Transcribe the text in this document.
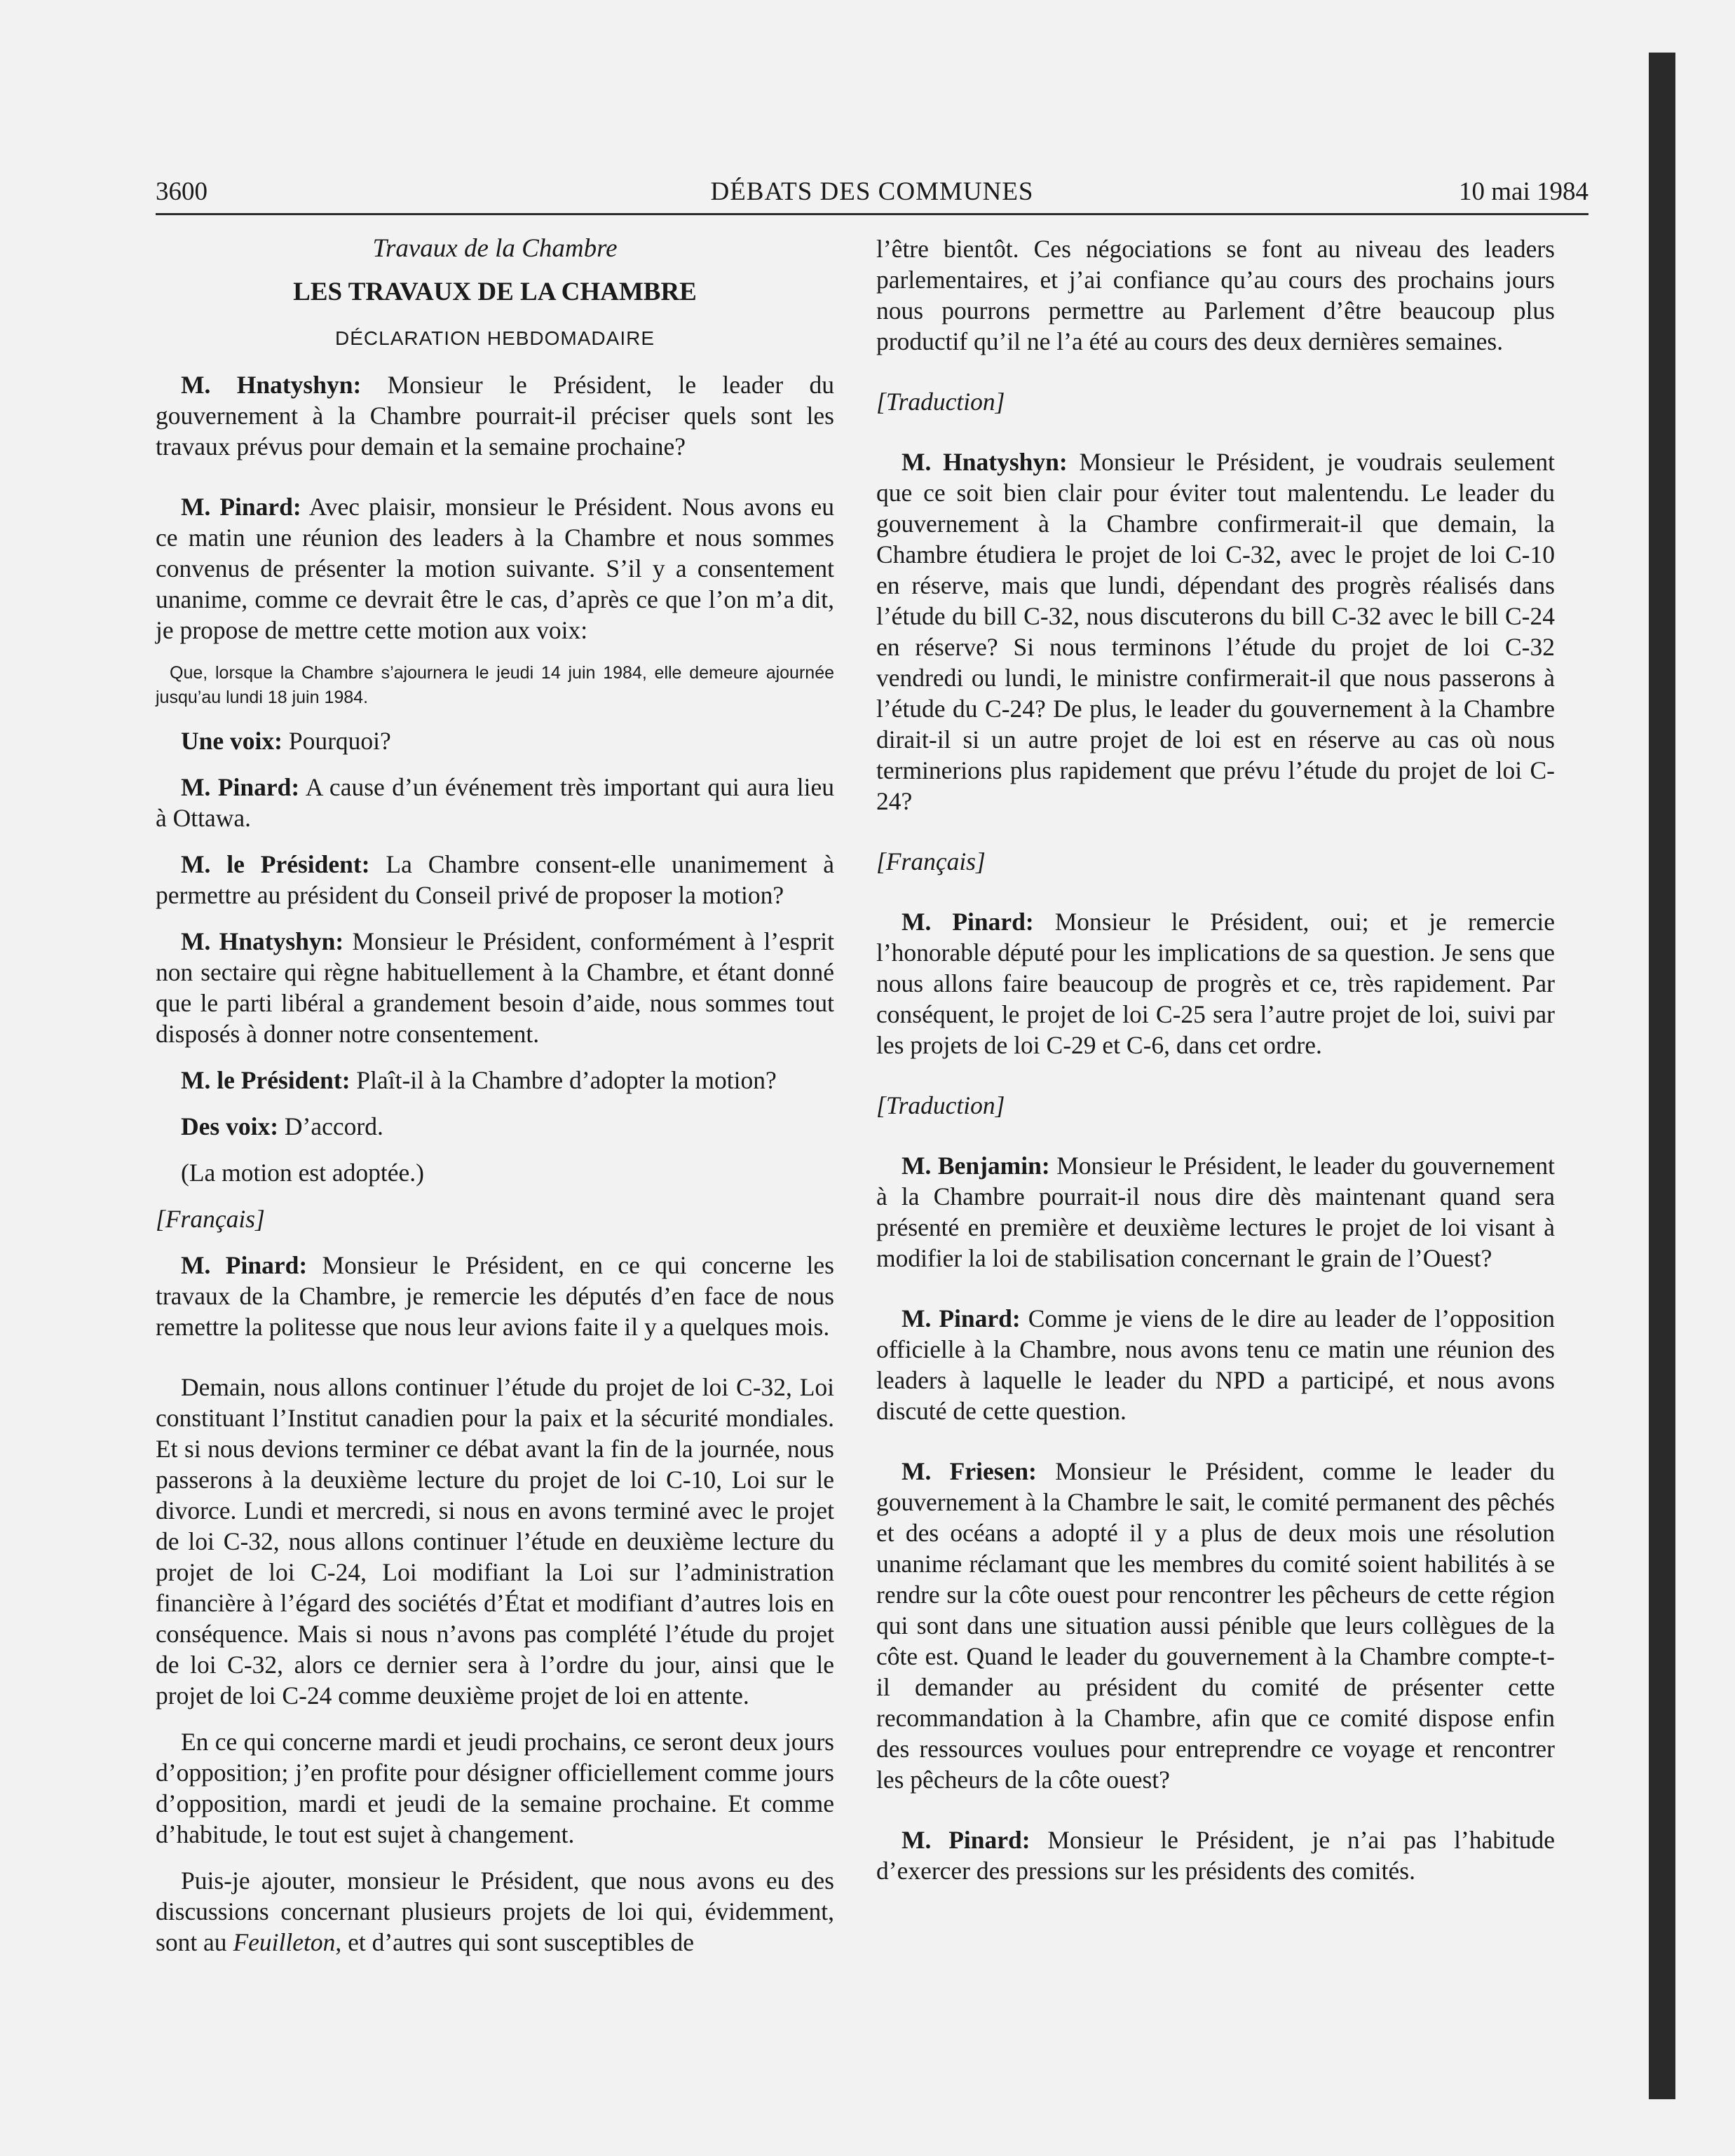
3600	DÉBATS DES COMMUNES	10 mai 1984

Travaux de la Chambre

LES TRAVAUX DE LA CHAMBRE

DÉCLARATION HEBDOMADAIRE

M. Hnatyshyn: Monsieur le Président, le leader du gouvernement à la Chambre pourrait-il préciser quels sont les travaux prévus pour demain et la semaine prochaine?

M. Pinard: Avec plaisir, monsieur le Président. Nous avons eu ce matin une réunion des leaders à la Chambre et nous sommes convenus de présenter la motion suivante. S’il y a consentement unanime, comme ce devrait être le cas, d’après ce que l’on m’a dit, je propose de mettre cette motion aux voix:

Que, lorsque la Chambre s’ajournera le jeudi 14 juin 1984, elle demeure ajournée jusqu’au lundi 18 juin 1984.

Une voix: Pourquoi?

M. Pinard: A cause d’un événement très important qui aura lieu à Ottawa.

M. le Président: La Chambre consent-elle unanimement à permettre au président du Conseil privé de proposer la motion?

M. Hnatyshyn: Monsieur le Président, conformément à l’esprit non sectaire qui règne habituellement à la Chambre, et étant donné que le parti libéral a grandement besoin d’aide, nous sommes tout disposés à donner notre consentement.

M. le Président: Plaît-il à la Chambre d’adopter la motion?

Des voix: D’accord.

(La motion est adoptée.)

[Français]

M. Pinard: Monsieur le Président, en ce qui concerne les travaux de la Chambre, je remercie les députés d’en face de nous remettre la politesse que nous leur avions faite il y a quelques mois.

Demain, nous allons continuer l’étude du projet de loi C-32, Loi constituant l’Institut canadien pour la paix et la sécurité mondiales. Et si nous devions terminer ce débat avant la fin de la journée, nous passerons à la deuxième lecture du projet de loi C-10, Loi sur le divorce. Lundi et mercredi, si nous en avons terminé avec le projet de loi C-32, nous allons continuer l’étude en deuxième lecture du projet de loi C-24, Loi modifiant la Loi sur l’administration financière à l’égard des sociétés d’État et modifiant d’autres lois en conséquence. Mais si nous n’avons pas complété l’étude du projet de loi C-32, alors ce dernier sera à l’ordre du jour, ainsi que le projet de loi C-24 comme deuxième projet de loi en attente.

En ce qui concerne mardi et jeudi prochains, ce seront deux jours d’opposition; j’en profite pour désigner officiellement comme jours d’opposition, mardi et jeudi de la semaine prochaine. Et comme d’habitude, le tout est sujet à changement.

Puis-je ajouter, monsieur le Président, que nous avons eu des discussions concernant plusieurs projets de loi qui, évidemment, sont au Feuilleton, et d’autres qui sont susceptibles de

l’être bientôt. Ces négociations se font au niveau des leaders parlementaires, et j’ai confiance qu’au cours des prochains jours nous pourrons permettre au Parlement d’être beaucoup plus productif qu’il ne l’a été au cours des deux dernières semaines.

[Traduction]

M. Hnatyshyn: Monsieur le Président, je voudrais seulement que ce soit bien clair pour éviter tout malentendu. Le leader du gouvernement à la Chambre confirmerait-il que demain, la Chambre étudiera le projet de loi C-32, avec le projet de loi C-10 en réserve, mais que lundi, dépendant des progrès réalisés dans l’étude du bill C-32, nous discuterons du bill C-32 avec le bill C-24 en réserve? Si nous terminons l’étude du projet de loi C-32 vendredi ou lundi, le ministre confirmerait-il que nous passerons à l’étude du C-24? De plus, le leader du gouvernement à la Chambre dirait-il si un autre projet de loi est en réserve au cas où nous terminerions plus rapidement que prévu l’étude du projet de loi C-24?

[Français]

M. Pinard: Monsieur le Président, oui; et je remercie l’honorable député pour les implications de sa question. Je sens que nous allons faire beaucoup de progrès et ce, très rapidement. Par conséquent, le projet de loi C-25 sera l’autre projet de loi, suivi par les projets de loi C-29 et C-6, dans cet ordre.

[Traduction]

M. Benjamin: Monsieur le Président, le leader du gouvernement à la Chambre pourrait-il nous dire dès maintenant quand sera présenté en première et deuxième lectures le projet de loi visant à modifier la loi de stabilisation concernant le grain de l’Ouest?

M. Pinard: Comme je viens de le dire au leader de l’opposition officielle à la Chambre, nous avons tenu ce matin une réunion des leaders à laquelle le leader du NPD a participé, et nous avons discuté de cette question.

M. Friesen: Monsieur le Président, comme le leader du gouvernement à la Chambre le sait, le comité permanent des pêchés et des océans a adopté il y a plus de deux mois une résolution unanime réclamant que les membres du comité soient habilités à se rendre sur la côte ouest pour rencontrer les pêcheurs de cette région qui sont dans une situation aussi pénible que leurs collègues de la côte est. Quand le leader du gouvernement à la Chambre compte-t-il demander au président du comité de présenter cette recommandation à la Chambre, afin que ce comité dispose enfin des ressources voulues pour entreprendre ce voyage et rencontrer les pêcheurs de la côte ouest?

M. Pinard: Monsieur le Président, je n’ai pas l’habitude d’exercer des pressions sur les présidents des comités.
